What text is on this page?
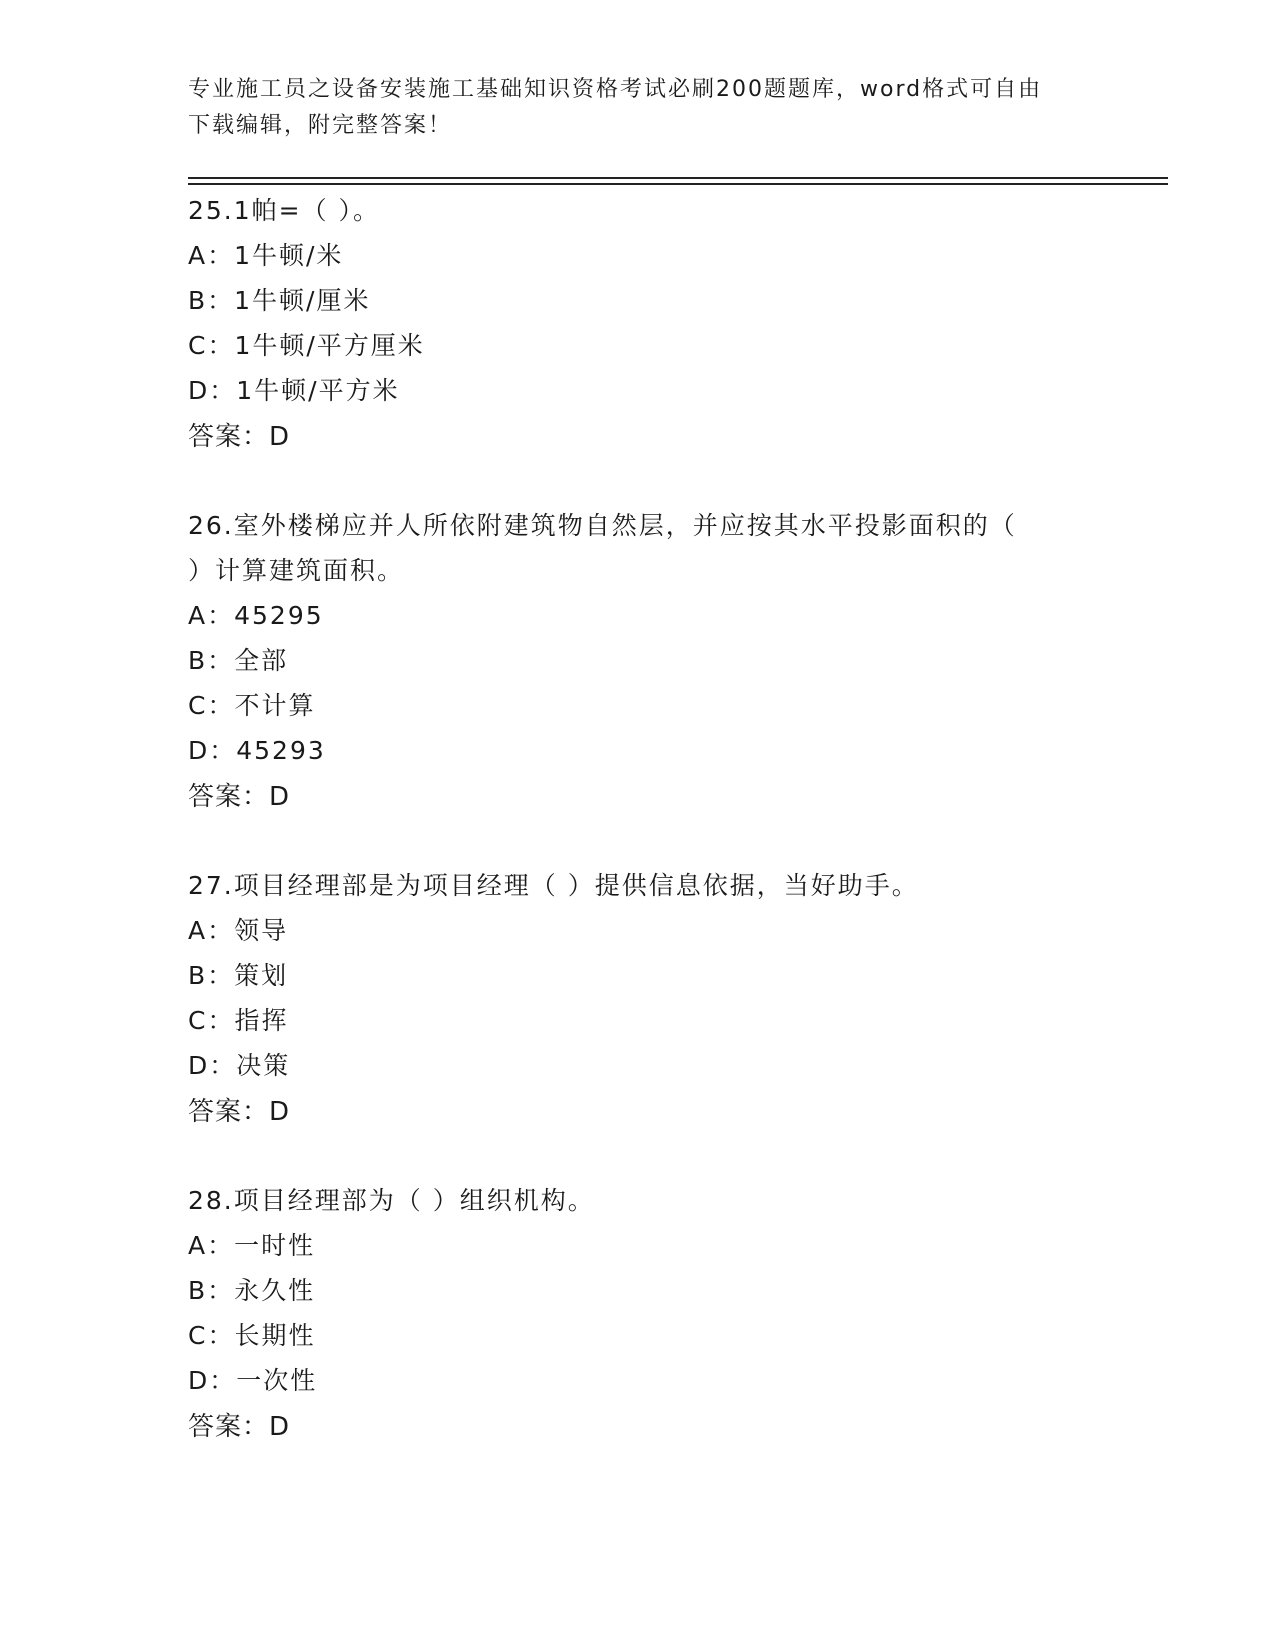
专业施工员之设备安装施工基础知识资格考试必刷200题题库，word格式可自由
下载编辑，附完整答案！
25.1帕=（ ）。
A：1牛顿/米
B：1牛顿/厘米
C：1牛顿/平方厘米
D：1牛顿/平方米
答案：D
26.室外楼梯应并人所依附建筑物自然层，并应按其水平投影面积的（
）计算建筑面积。
A：45295
B：全部
C：不计算
D：45293
答案：D
27.项目经理部是为项目经理（ ）提供信息依据，当好助手。
A：领导
B：策划
C：指挥
D：决策
答案：D
28.项目经理部为（ ）组织机构。
A：一时性
B：永久性
C：长期性
D：一次性
答案：D
